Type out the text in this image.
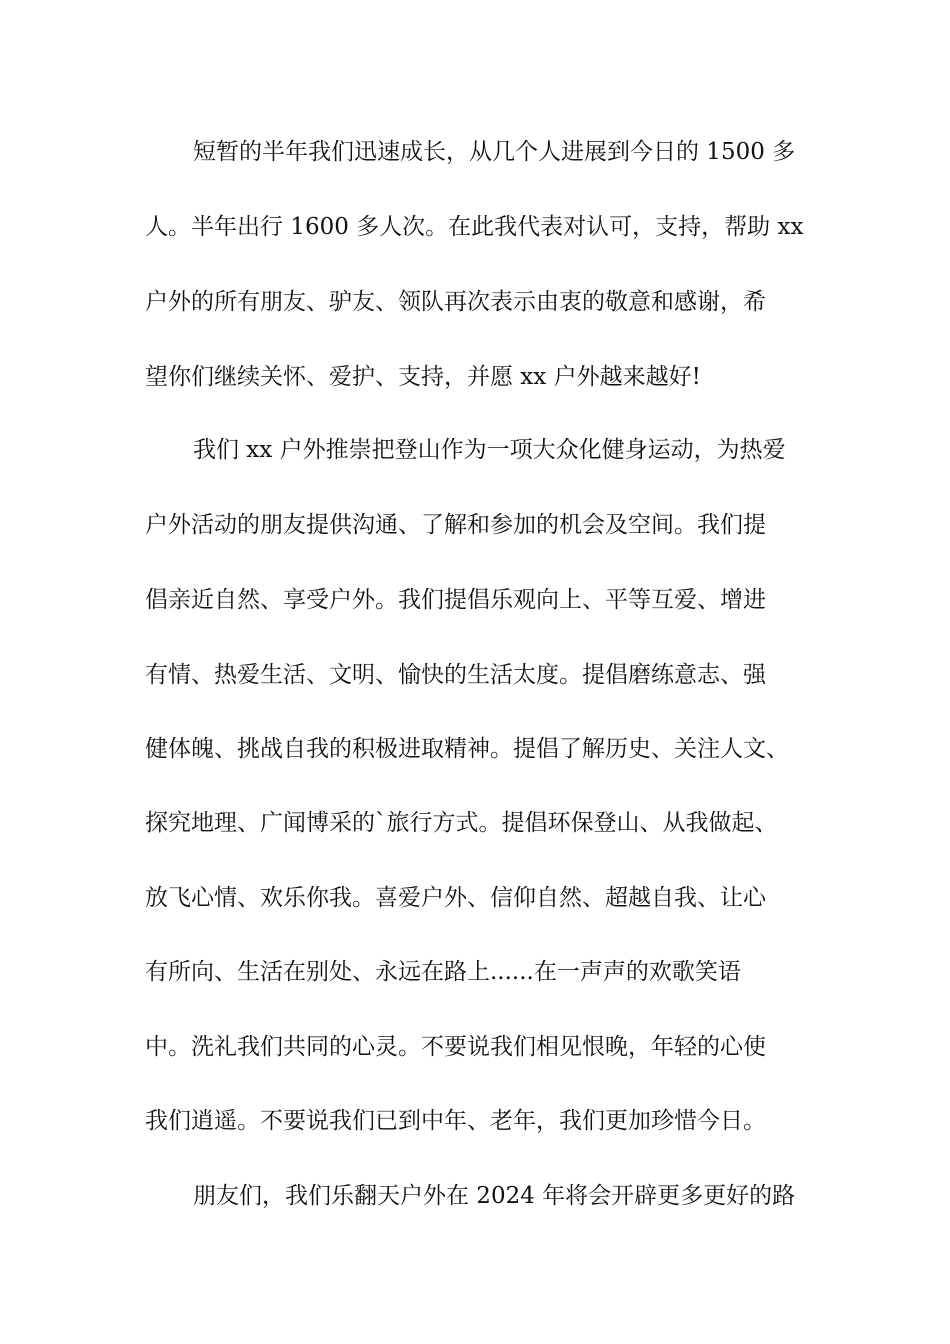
短暂的半年我们迅速成长，从几个人进展到今日的 1500 多
人。半年出行 1600 多人次。在此我代表对认可，支持，帮助 xx
户外的所有朋友、驴友、领队再次表示由衷的敬意和感谢，希
望你们继续关怀、爱护、支持，并愿 xx 户外越来越好!
我们 xx 户外推崇把登山作为一项大众化健身运动，为热爱
户外活动的朋友提供沟通、了解和参加的机会及空间。我们提
倡亲近自然、享受户外。我们提倡乐观向上、平等互爱、增进
有情、热爱生活、文明、愉快的生活太度。提倡磨练意志、强
健体魄、挑战自我的积极进取精神。提倡了解历史、关注人文、
探究地理、广闻博采的`旅行方式。提倡环保登山、从我做起、
放飞心情、欢乐你我。喜爱户外、信仰自然、超越自我、让心
有所向、生活在别处、永远在路上......在一声声的欢歌笑语
中。洗礼我们共同的心灵。不要说我们相见恨晚，年轻的心使
我们逍遥。不要说我们已到中年、老年，我们更加珍惜今日。
朋友们，我们乐翻天户外在 2024 年将会开辟更多更好的路
